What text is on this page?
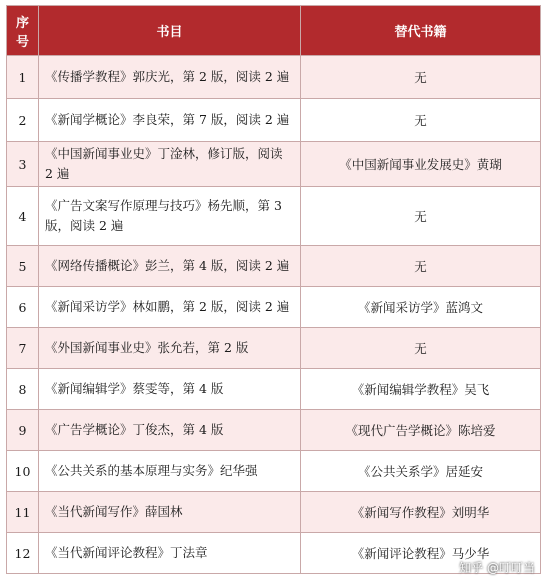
序号	书目	替代书籍
1	《传播学教程》郭庆光，第 2 版，阅读 2 遍	无
2	《新闻学概论》李良荣，第 7 版，阅读 2 遍	无
3	《中国新闻事业史》丁淦林，修订版，阅读 2 遍	《中国新闻事业发展史》黄瑚
4	《广告文案写作原理与技巧》杨先顺，第 3 版，阅读 2 遍	无
5	《网络传播概论》彭兰，第 4 版，阅读 2 遍	无
6	《新闻采访学》林如鹏，第 2 版，阅读 2 遍	《新闻采访学》蓝鸿文
7	《外国新闻事业史》张允若，第 2 版	无
8	《新闻编辑学》蔡雯等，第 4 版	《新闻编辑学教程》吴飞
9	《广告学概论》丁俊杰，第 4 版	《现代广告学概论》陈培爱
10	《公共关系的基本原理与实务》纪华强	《公共关系学》居延安
11	《当代新闻写作》薛国林	《新闻写作教程》刘明华
12	《当代新闻评论教程》丁法章	《新闻评论教程》马少华
知乎 @叮叮当
